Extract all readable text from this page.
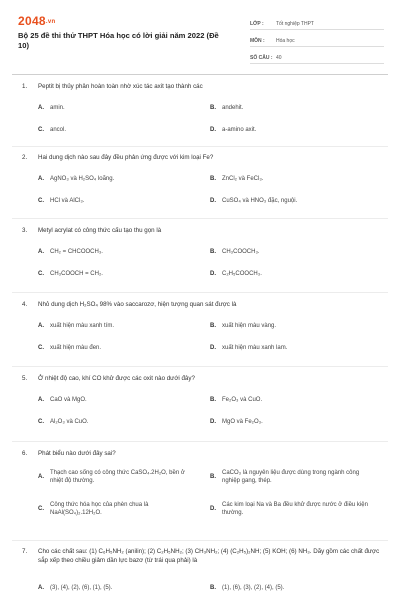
2048.vn
Bộ 25 đề thi thử THPT Hóa học có lời giải năm 2022 (Đề 10)
LỚP :	Tốt nghiệp THPT
MÔN :	Hóa học
SỐ CÂU : 40
1.	Peptit bị thủy phân hoàn toàn nhờ xúc tác axit tạo thành các
A.	amin.	B.	andehit.
C.	ancol.	D.	a-amino axit.
2.	Hai dung dịch nào sau đây đều phản ứng được với kim loại Fe?
A.	AgNO₃ và H₂SO₄ loãng.	B.	ZnCl₂ và FeCl₃.
C.	HCl và AlCl₃.	D.	CuSO₄ và HNO₃ đặc, nguội.
3.	Metyl acrylat có công thức cấu tạo thu gọn là
A.	CH₂ = CHCOOCH₃.	B.	CH₃COOCH₃.
C.	CH₃COOCH = CH₂.	D.	C₂H₅COOCH₃.
4.	Nhỏ dung dịch H₂SO₄ 98% vào saccarozơ, hiện tượng quan sát được là
A.	xuất hiện màu xanh tím.	B.	xuất hiện màu vàng.
C.	xuất hiện màu đen.	D.	xuất hiện màu xanh lam.
5.	Ở nhiệt độ cao, khí CO khử được các oxit nào dưới đây?
A.	CaO và MgO.	B.	Fe₂O₃ và CuO.
C.	Al₂O₃ và CuO.	D.	MgO và Fe₂O₃.
6.	Phát biểu nào dưới đây sai?
A.
Thạch cao sống có công thức CaSO₄.2H₂O, bền ở nhiệt độ thường.
B.
CaCO₃ là nguyên liệu được dùng trong ngành công nghiệp gang, thép.
C.
Công thức hóa học của phèn chua là NaAl(SO₄)₂.12H₂O.
D.
Các kim loại Na và Ba đều khử được nước ở điều kiện thường.
7.	Cho các chất sau: (1) C₆H₅NH₂ (anilin); (2) C₂H₅NH₂; (3) CH₃NH₂; (4) (C₂H₅)₂NH; (5) KOH; (6) NH₃. Dãy gồm các chất được sắp xếp theo chiều giảm dần lực bazơ (từ trái qua phải) là
A.	(3), (4), (2), (6), (1), (5).	B.	(1), (6), (3), (2), (4), (5).
